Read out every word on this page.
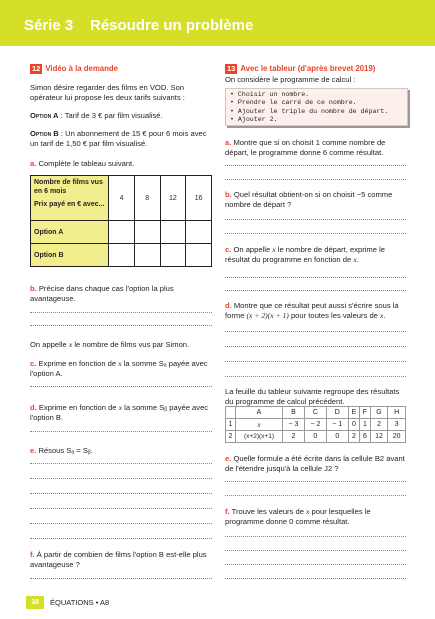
Série 3 Résoudre un problème
12 Vidéo à la demande
Simon désire regarder des films en VOD. Son opérateur lui propose les deux tarifs suivants :
Option A : Tarif de 3 € par film visualisé.
Option B : Un abonnement de 15 € pour 6 mois avec un tarif de 1,50 € par film visualisé.
a. Complète le tableau suivant.
Nombre de films vus en 6 mois
Prix payé en € avec...	4	8	12	16
Option A				
Option B				
b. Précise dans chaque cas l'option la plus avantageuse.
On appelle x le nombre de films vus par Simon.
c. Exprime en fonction de x la somme Sₐ payée avec l'option A.
d. Exprime en fonction de x la somme Sᵦ payée avec l'option B.
e. Résous Sₐ = Sᵦ.
f. À partir de combien de films l'option B est-elle plus avantageuse ?
13 Avec le tableur (d'après brevet 2019)
On considère le programme de calcul :
• Choisir un nombre.
• Prendre le carré de ce nombre.
• Ajouter le triple du nombre de départ.
• Ajouter 2.
a. Montre que si on choisit 1 comme nombre de départ, le programme donne 6 comme résultat.
b. Quel résultat obtient-on si on choisit −5 comme nombre de départ ?
c. On appelle x le nombre de départ, exprime le résultat du programme en fonction de x.
d. Montre que ce résultat peut aussi s'écrire sous la forme (x + 2)(x + 1) pour toutes les valeurs de x.
La feuille du tableur suivante regroupe des résultats du programme de calcul précédent.
	A	B	C	D	E	F	G	H
1	x	− 3	− 2	− 1	0	1	2	3
2	(x+2)(x+1)	2	0	0	2	6	12	20
e. Quelle formule a été écrite dans la cellule B2 avant de l'étendre jusqu'à la cellule J2 ?
f. Trouve les valeurs de x pour lesquelles le programme donne 0 comme résultat.
38	ÉQUATIONS • A8
